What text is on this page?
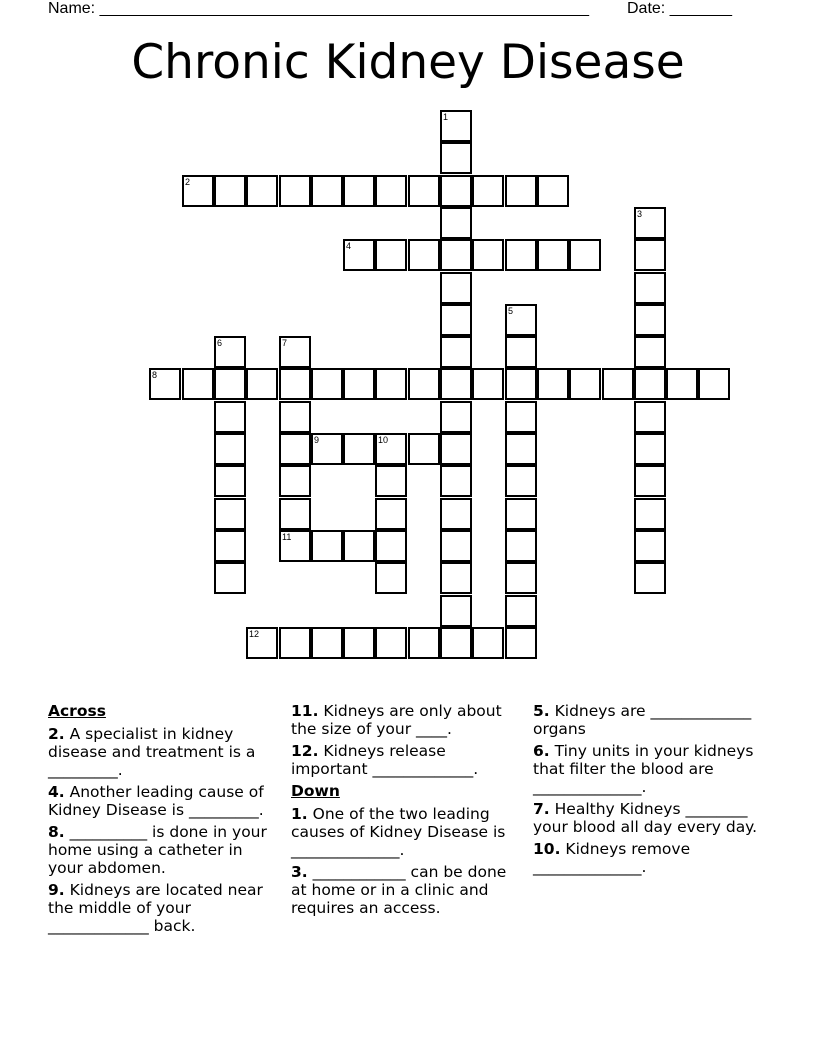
Name: _______________________________________________________

Date: _______

Chronic Kidney Disease
1
2
3
4
5
6	7
8
9	10
11
12
Across
2. A specialist in kidney disease and treatment is a _________.
4. Another leading cause of Kidney Disease is _________.
8. __________ is done in your home using a catheter in your abdomen.
9. Kidneys are located near the middle of your _____________ back.
11. Kidneys are only about the size of your ____.
12. Kidneys release important _____________.
Down
1. One of the two leading causes of Kidney Disease is ______________.
3. ____________ can be done at home or in a clinic and requires an access.
5. Kidneys are _____________ organs
6. Tiny units in your kidneys that filter the blood are ______________.
7. Healthy Kidneys ________ your blood all day every day.
10. Kidneys remove ______________.
